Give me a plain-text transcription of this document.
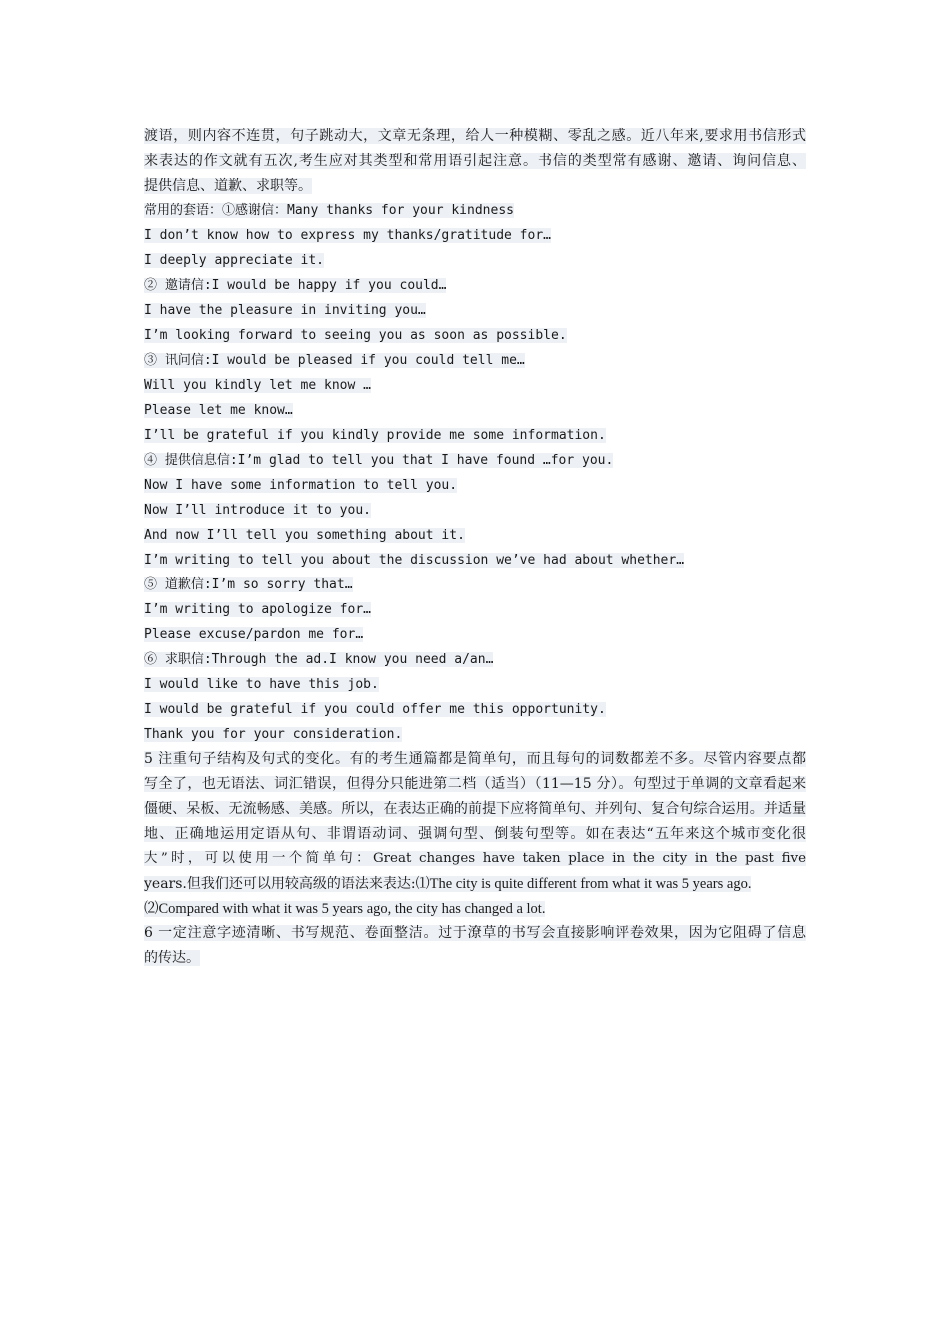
渡语，则内容不连贯，句子跳动大，文章无条理，给人一种模糊、零乱之感。近八年来,要求用书信形式
来表达的作文就有五次,考生应对其类型和常用语引起注意。书信的类型常有感谢、邀请、询问信息、
提供信息、道歉、求职等。
常用的套语：①感谢信：Many thanks for your kindness
I don’t know how to express my thanks/gratitude for…
I deeply appreciate it.
② 邀请信:I would be happy if you could…
I have the pleasure in inviting you…
I’m looking forward to seeing you as soon as possible.
③ 讯问信:I would be pleased if you could tell me…
Will you kindly let me know …
Please let me know…
I’ll be grateful if you kindly provide me some information.
④ 提供信息信:I’m glad to tell you that I have found …for you.
Now I have some information to tell you.
Now I’ll introduce it to you.
And now I’ll tell you something about it.
I’m writing to tell you about the discussion we’ve had about whether…
⑤ 道歉信:I’m so sorry that…
I’m writing to apologize for…
Please excuse/pardon me for…
⑥ 求职信:Through the ad.I know you need a/an…
I would like to have this job.
I would be grateful if you could offer me this opportunity.
Thank you for your consideration.
5 注重句子结构及句式的变化。有的考生通篇都是简单句，而且每句的词数都差不多。尽管内容要点都
写全了，也无语法、词汇错误，但得分只能进第二档（适当）（11—15 分）。句型过于单调的文章看起来
僵硬、呆板、无流畅感、美感。所以，在表达正确的前提下应将简单句、并列句、复合句综合运用。并适量
地、正确地运用定语从句、非谓语动词、强调句型、倒装句型等。如在表达“五年来这个城市变化很
大”时，可以使用一个简单句：Great changes have taken place in the city in the past five
years.但我们还可以用较高级的语法来表达:⑴The city is quite different from what it was 5 years ago.
⑵Compared with what it was 5 years ago, the city has changed a lot.
6 一定注意字迹清晰、书写规范、卷面整洁。过于潦草的书写会直接影响评卷效果，因为它阻碍了信息
的传达。
